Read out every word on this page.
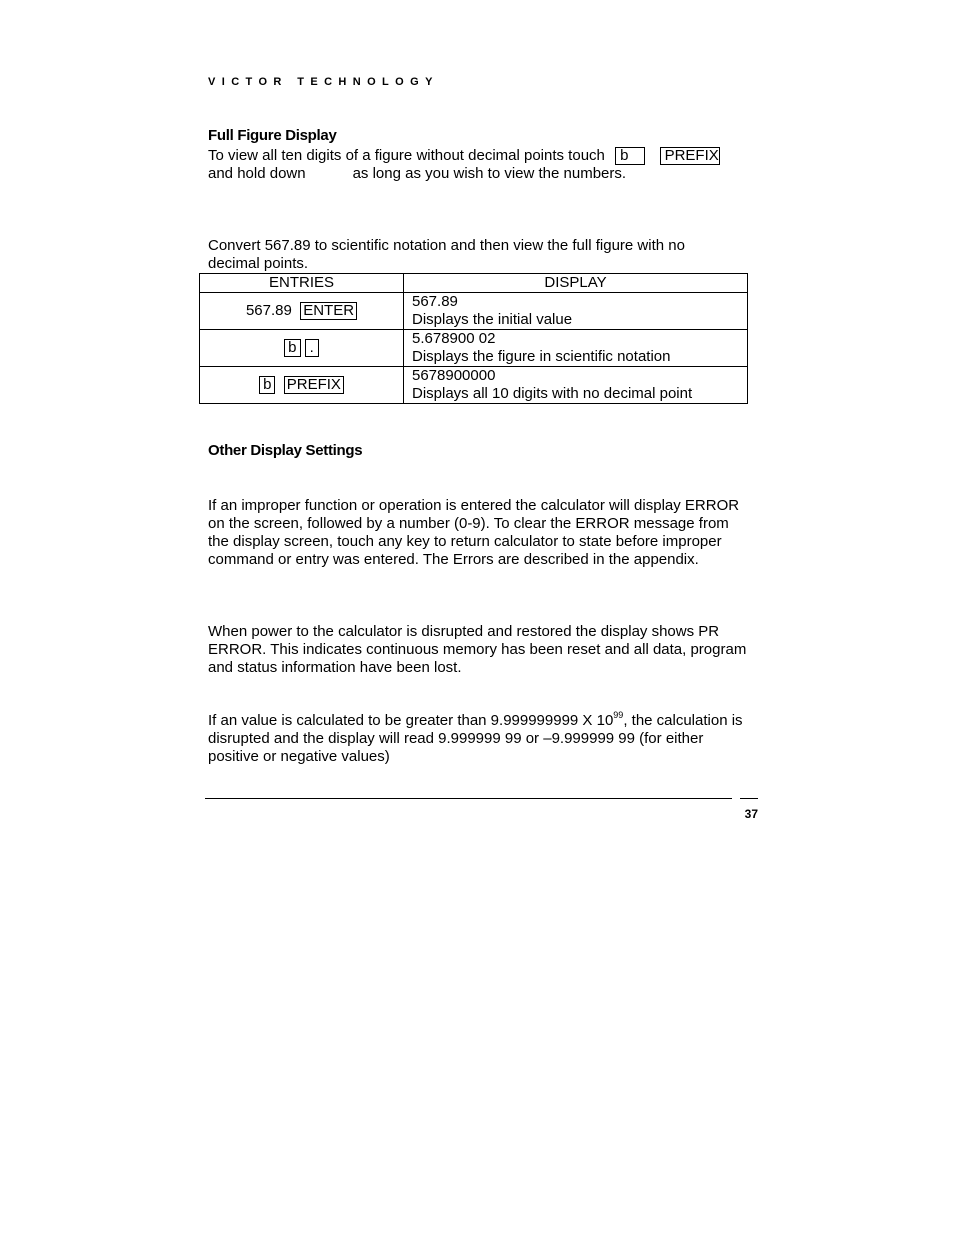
VICTOR TECHNOLOGY
Full Figure Display
To view all ten digits of a figure without decimal points touch b PREFIX
and hold down	as long as you wish to view the numbers.
Convert 567.89 to scientific notation and then view the full figure with no decimal points.
ENTRIES	DISPLAY
567.89 ENTER	567.89
Displays the initial value

b .	5.678900 02
Displays the figure in scientific notation

b PREFIX	5678900000
Displays all 10 digits with no decimal point
Other Display Settings
If an improper function or operation is entered the calculator will display ERROR on the screen, followed by a number (0-9). To clear the ERROR message from the display screen, touch any key to return calculator to state before improper command or entry was entered. The Errors are described in the appendix.
When power to the calculator is disrupted and restored the display shows PR ERROR. This indicates continuous memory has been reset and all data, program and status information have been lost.
If an value is calculated to be greater than 9.999999999 X $10^{99}$, the calculation is disrupted and the display will read 9.999999 99 or –9.999999 99 (for either positive or negative values)
37
